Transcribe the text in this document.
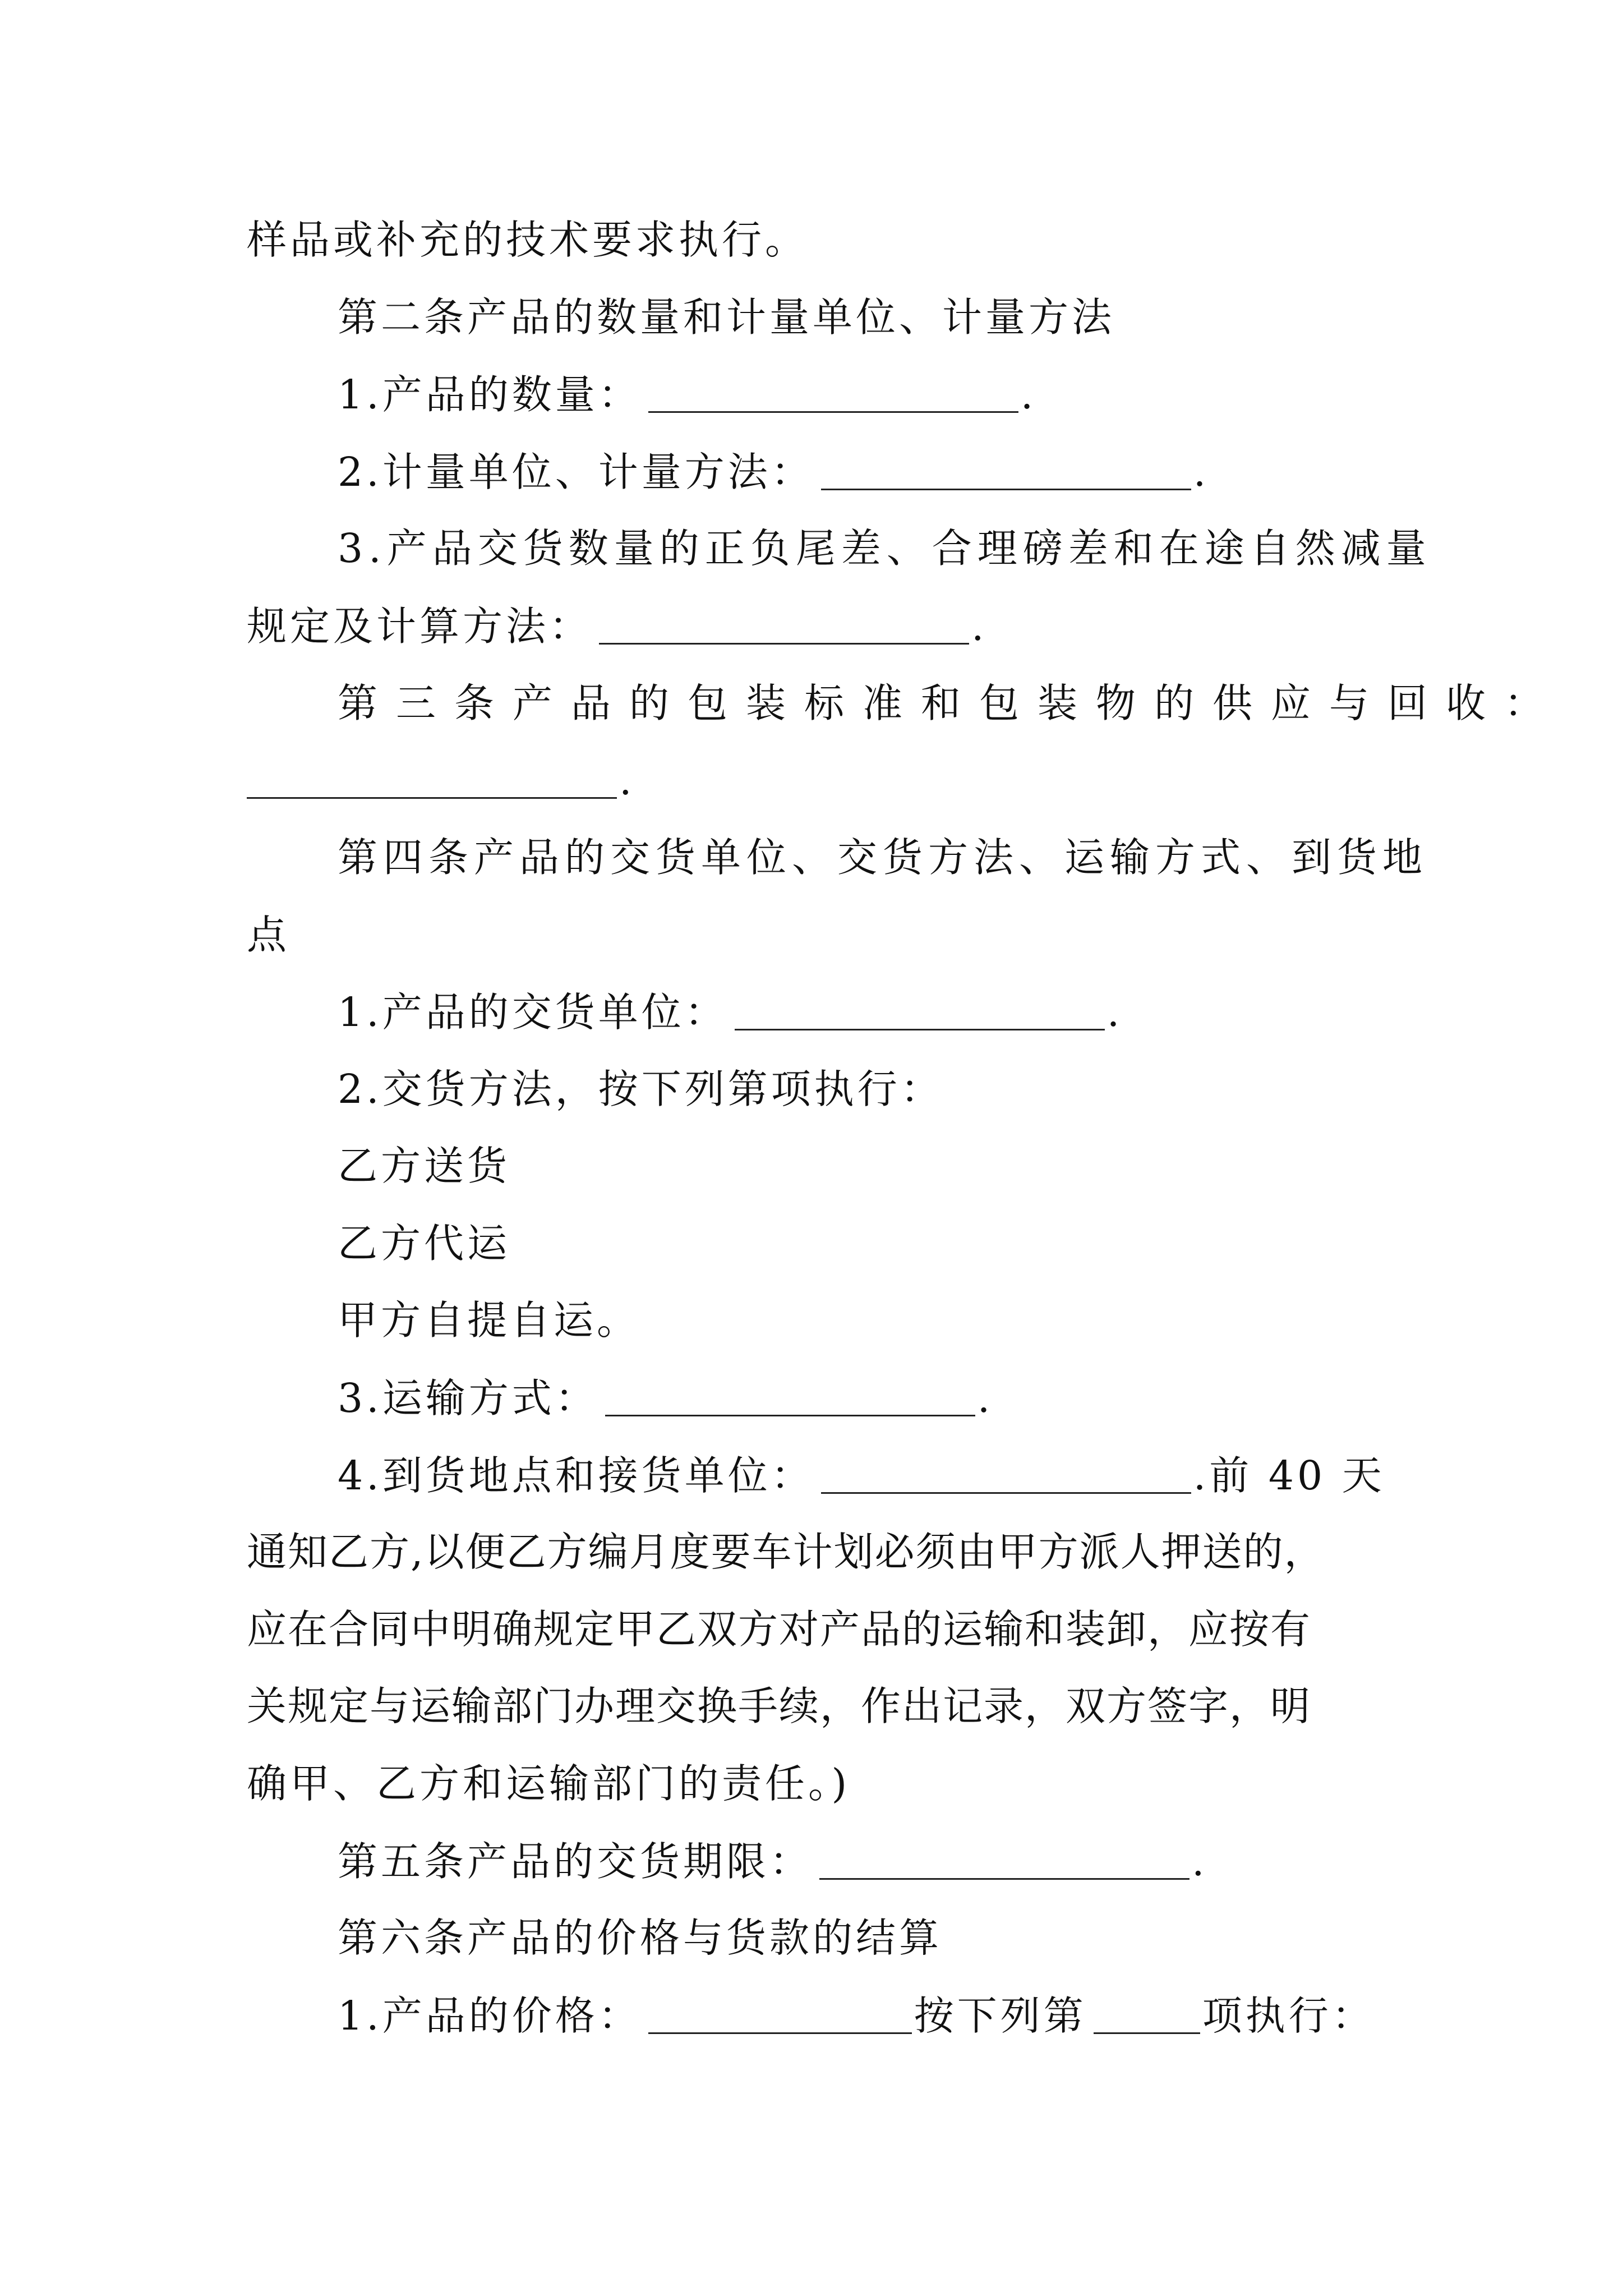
样品或补充的技术要求执行。
第二条产品的数量和计量单位、计量方法
1.产品的数量：	.
2.计量单位、计量方法：	.
3.产品交货数量的正负尾差、合理磅差和在途自然减量
规定及计算方法：	.
第三条产品的包装标准和包装物的供应与回收：
.
第四条产品的交货单位、交货方法、运输方式、到货地
点
1.产品的交货单位：	.
2.交货方法，按下列第项执行：
乙方送货
乙方代运
甲方自提自运。
3.运输方式：	.
4.到货地点和接货单位：	.前 40 天
通知乙方,以便乙方编月度要车计划必须由甲方派人押送的，
应在合同中明确规定甲乙双方对产品的运输和装卸，应按有
关规定与运输部门办理交换手续，作出记录，双方签字，明
确甲、乙方和运输部门的责任。)
第五条产品的交货期限：	.
第六条产品的价格与货款的结算
1.产品的价格：	按下列第	项执行：
